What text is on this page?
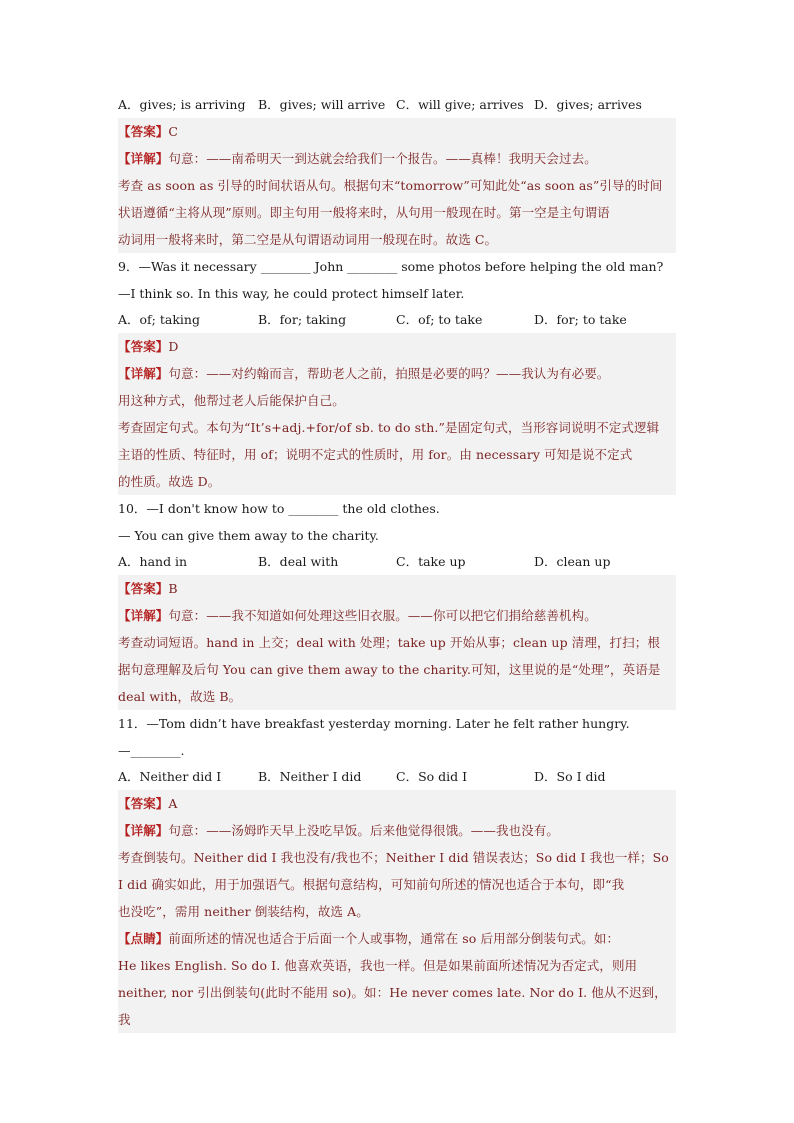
A．gives; is arriving	B．gives; will arrive C．will give; arrives D．gives; arrives
【答案】C
【详解】句意：——南希明天一到达就会给我们一个报告。——真棒！我明天会过去。
考查 as soon as 引导的时间状语从句。根据句末“tomorrow”可知此处“as soon as”引导的时间
状语遵循“主将从现”原则。即主句用一般将来时，从句用一般现在时。第一空是主句谓语
动词用一般将来时，第二空是从句谓语动词用一般现在时。故选 C。
9．—Was it necessary ________ John ________ some photos before helping the old man?
—I think so. In this way, he could protect himself later.
A．of; taking	B．for; taking	C．of; to take	D．for; to take
【答案】D
【详解】句意：——对约翰而言，帮助老人之前，拍照是必要的吗？——我认为有必要。
用这种方式，他帮过老人后能保护自己。
考查固定句式。本句为“It’s+adj.+for/of sb. to do sth.”是固定句式，当形容词说明不定式逻辑
主语的性质、特征时，用 of；说明不定式的性质时，用 for。由 necessary 可知是说不定式
的性质。故选 D。
10．—I don't know how to ________ the old clothes.
— You can give them away to the charity.
A．hand in	B．deal with	C．take up	D．clean up
【答案】B
【详解】句意：——我不知道如何处理这些旧衣服。——你可以把它们捐给慈善机构。
考查动词短语。hand in 上交；deal with 处理；take up 开始从事；clean up 清理，打扫；根
据句意理解及后句 You can give them away to the charity.可知，这里说的是“处理”，英语是
deal with，故选 B。
11．—Tom didn’t have breakfast yesterday morning. Later he felt rather hungry.
—________.
A．Neither did I	B．Neither I did	C．So did I	D．So I did
【答案】A
【详解】句意：——汤姆昨天早上没吃早饭。后来他觉得很饿。——我也没有。
考查倒装句。Neither did I 我也没有/我也不；Neither I did 错误表达；So did I 我也一样；So
I did 确实如此，用于加强语气。根据句意结构，可知前句所述的情况也适合于本句，即“我
也没吃”，需用 neither 倒装结构，故选 A。
【点睛】前面所述的情况也适合于后面一个人或事物，通常在 so 后用部分倒装句式。如：
He likes English. So do I. 他喜欢英语，我也一样。但是如果前面所述情况为否定式，则用
neither, nor 引出倒装句(此时不能用 so)。如：He never comes late. Nor do I. 他从不迟到，我
